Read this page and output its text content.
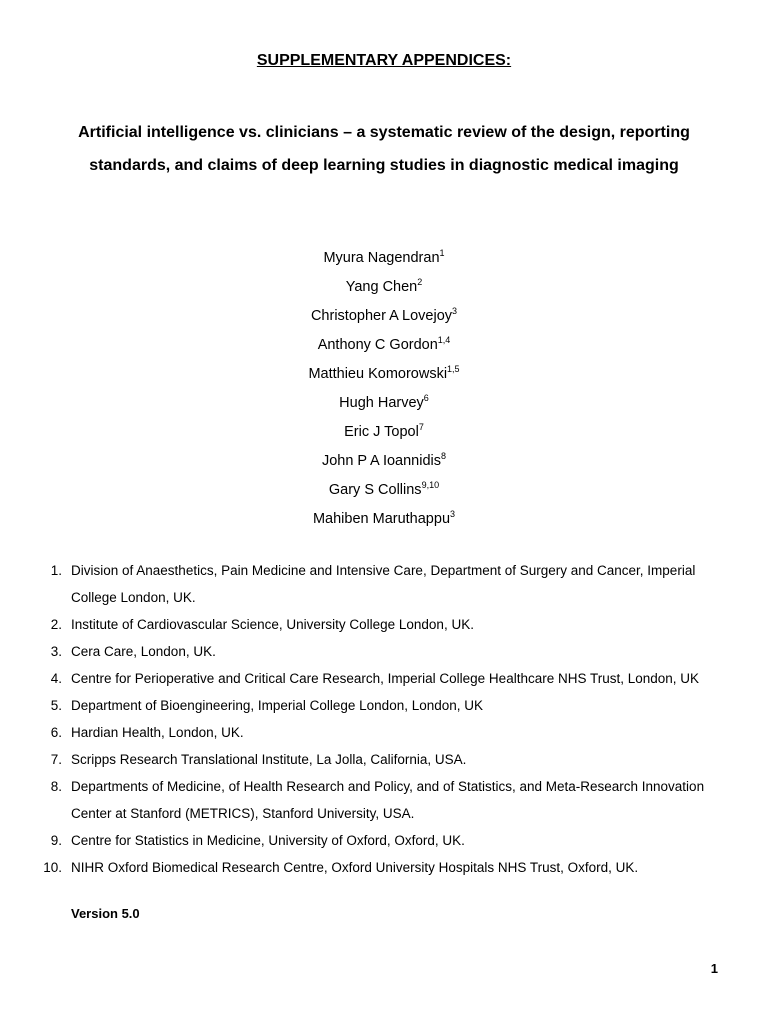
SUPPLEMENTARY APPENDICES:
Artificial intelligence vs. clinicians – a systematic review of the design, reporting standards, and claims of deep learning studies in diagnostic medical imaging
Myura Nagendran$^1$
Yang Chen$^2$
Christopher A Lovejoy$^3$
Anthony C Gordon$^{1,4}$
Matthieu Komorowski$^{1,5}$
Hugh Harvey$^6$
Eric J Topol$^7$
John P A Ioannidis$^8$
Gary S Collins$^{9,10}$
Mahiben Maruthappu$^3$
1. Division of Anaesthetics, Pain Medicine and Intensive Care, Department of Surgery and Cancer, Imperial College London, UK.
2. Institute of Cardiovascular Science, University College London, UK.
3. Cera Care, London, UK.
4. Centre for Perioperative and Critical Care Research, Imperial College Healthcare NHS Trust, London, UK
5. Department of Bioengineering, Imperial College London, London, UK
6. Hardian Health, London, UK.
7. Scripps Research Translational Institute, La Jolla, California, USA.
8. Departments of Medicine, of Health Research and Policy, and of Statistics, and Meta-Research Innovation Center at Stanford (METRICS), Stanford University, USA.
9. Centre for Statistics in Medicine, University of Oxford, Oxford, UK.
10. NIHR Oxford Biomedical Research Centre, Oxford University Hospitals NHS Trust, Oxford, UK.
Version 5.0
1
